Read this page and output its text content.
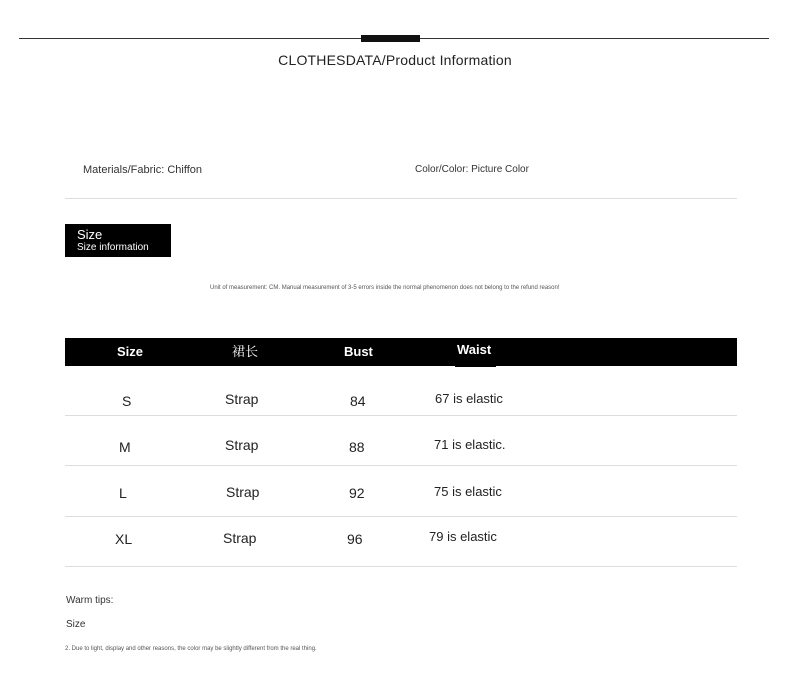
CLOTHESDATA/Product Information
Materials/Fabric: Chiffon	Color/Color: Picture Color
Size
Size information
Unit of measurement: CM. Manual measurement of 3-5 errors inside the normal phenomenon does not belong to the refund reason!
Size	裙长	Bust	Waist
S	Strap	84	67 is elastic
M	Strap	88	71 is elastic.
L	Strap	92	75 is elastic
XL	Strap	96	79 is elastic
Warm tips:
Size
2. Due to light, display and other reasons, the color may be slightly different from the real thing.
